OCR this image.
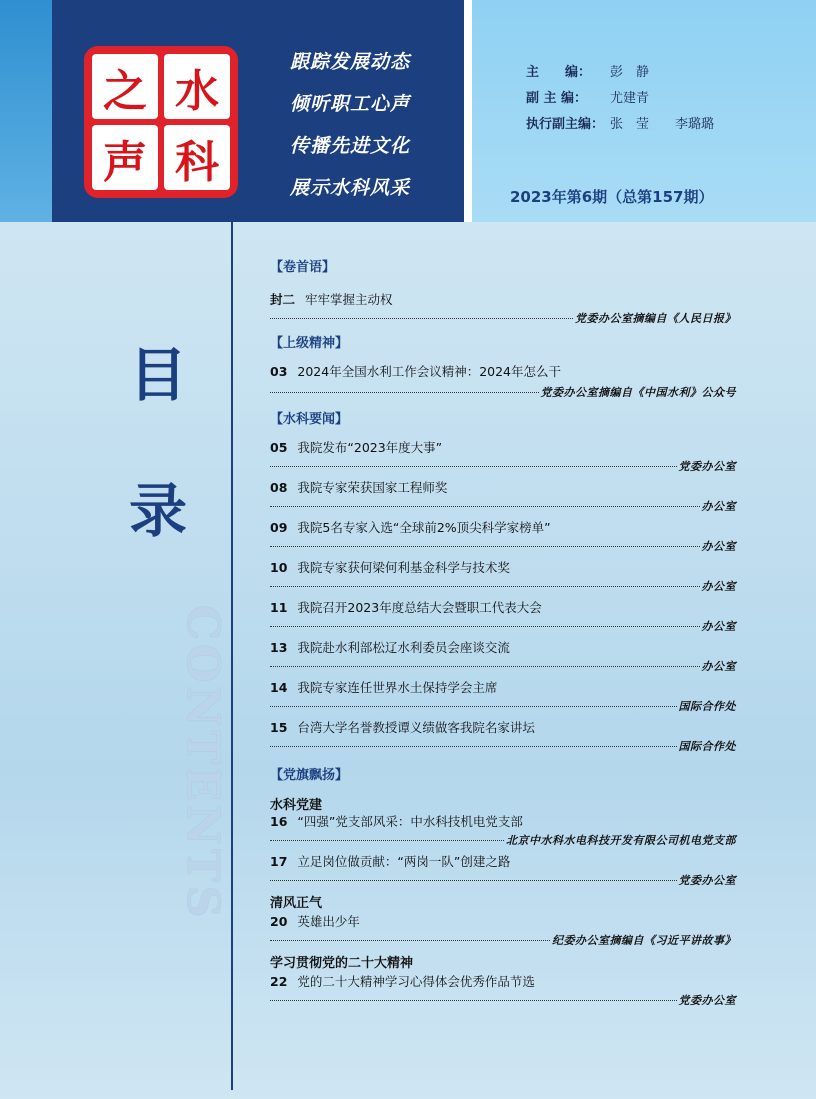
水
之
声 科
跟踪发展动态
倾听职工心声
传播先进文化
展示水科风采
主　　编：	彭　静
副 主 编：	尤建青
执行副主编： 张　莹　　李璐璐
2023年第6期（总第157期）
目
录
CONTENTS
【卷首语】
封二 牢牢掌握主动权
党委办公室摘编自《人民日报》
【上级精神】
03 2024年全国水利工作会议精神：2024年怎么干
党委办公室摘编自《中国水利》公众号
【水科要闻】
05 我院发布“2023年度大事”
党委办公室
08 我院专家荣获国家工程师奖
办公室
09 我院5名专家入选“全球前2%顶尖科学家榜单”
办公室
10 我院专家获何梁何利基金科学与技术奖
办公室
11 我院召开2023年度总结大会暨职工代表大会
办公室
13 我院赴水利部松辽水利委员会座谈交流
办公室
14 我院专家连任世界水土保持学会主席
国际合作处
15 台湾大学名誉教授谭义绩做客我院名家讲坛
国际合作处
【党旗飘扬】
水科党建
16 “四强”党支部风采：中水科技机电党支部
北京中水科水电科技开发有限公司机电党支部
17 立足岗位做贡献：“两岗一队”创建之路
党委办公室
清风正气
20 英雄出少年
纪委办公室摘编自《习近平讲故事》
学习贯彻党的二十大精神
22 党的二十大精神学习心得体会优秀作品节选
党委办公室
